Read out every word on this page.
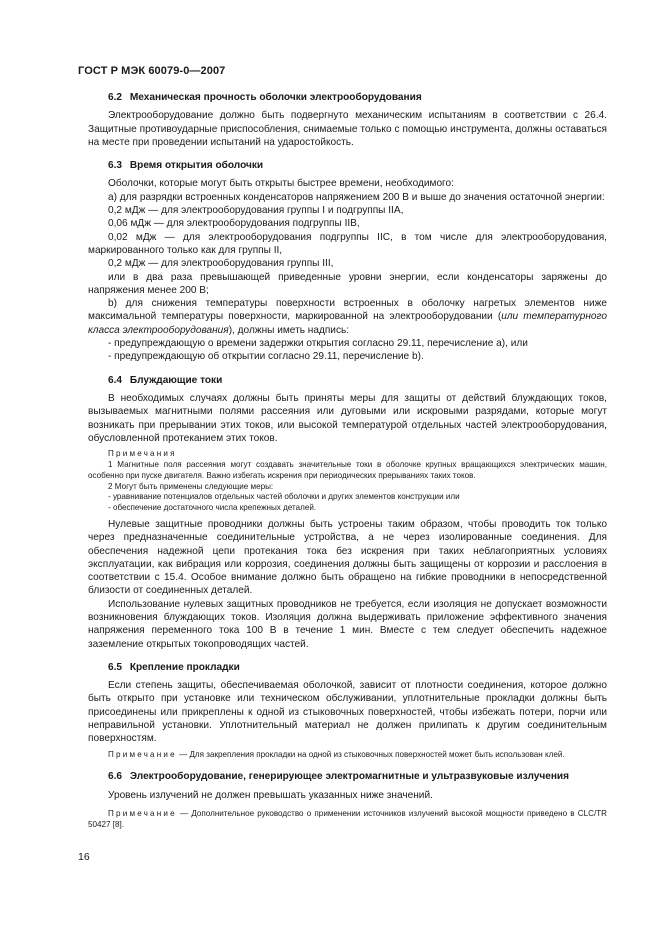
ГОСТ Р МЭК 60079-0—2007
6.2 Механическая прочность оболочки электрооборудования

Электрооборудование должно быть подвергнуто механическим испытаниям в соответствии с 26.4. Защитные противоударные приспособления, снимаемые только с помощью инструмента, должны оставаться на месте при проведении испытаний на ударостойкость.

6.3 Время открытия оболочки

Оболочки, которые могут быть открыты быстрее времени, необходимого:

а) для разрядки встроенных конденсаторов напряжением 200 В и выше до значения остаточной энергии:

0,2 мДж — для электрооборудования группы I и подгруппы IIA,

0,06 мДж — для электрооборудования подгруппы IIB,

0,02 мДж — для электрооборудования подгруппы IIC, в том числе для электрооборудования, маркированного только как для группы II,

0,2 мДж — для электрооборудования группы III,

или в два раза превышающей приведенные уровни энергии, если конденсаторы заряжены до напряжения менее 200 В;

b) для снижения температуры поверхности встроенных в оболочку нагретых элементов ниже максимальной температуры поверхности, маркированной на электрооборудовании (или температурного класса электрооборудования), должны иметь надпись:

- предупреждающую о времени задержки открытия согласно 29.11, перечисление а), или

- предупреждающую об открытии согласно 29.11, перечисление b).

6.4 Блуждающие токи

В необходимых случаях должны быть приняты меры для защиты от действий блуждающих токов, вызываемых магнитными полями рассеяния или дуговыми или искровыми разрядами, которые могут возникать при прерывании этих токов, или высокой температурой отдельных частей электрооборудования, обусловленной протеканием этих токов.

Примечания

1 Магнитные поля рассеяния могут создавать значительные токи в оболочке крупных вращающихся электрических машин, особенно при пуске двигателя. Важно избегать искрения при периодических прерываниях таких токов.

2 Могут быть применены следующие меры:

- уравнивание потенциалов отдельных частей оболочки и других элементов конструкции или

- обеспечение достаточного числа крепежных деталей.

Нулевые защитные проводники должны быть устроены таким образом, чтобы проводить ток только через предназначенные соединительные устройства, а не через изолированные соединения. Для обеспечения надежной цепи протекания тока без искрения при таких неблагоприятных условиях эксплуатации, как вибрация или коррозия, соединения должны быть защищены от коррозии и расслоения в соответствии с 15.4. Особое внимание должно быть обращено на гибкие проводники в непосредственной близости от соединенных деталей.

Использование нулевых защитных проводников не требуется, если изоляция не допускает возможности возникновения блуждающих токов. Изоляция должна выдерживать приложение эффективного значения напряжения переменного тока 100 В в течение 1 мин. Вместе с тем следует обеспечить надежное заземление открытых токопроводящих частей.

6.5 Крепление прокладки

Если степень защиты, обеспечиваемая оболочкой, зависит от плотности соединения, которое должно быть открыто при установке или техническом обслуживании, уплотнительные прокладки должны быть присоединены или прикреплены к одной из стыковочных поверхностей, чтобы избежать потери, порчи или неправильной установки. Уплотнительный материал не должен прилипать к другим соединительным поверхностям.

Примечание — Для закрепления прокладки на одной из стыковочных поверхностей может быть использован клей.

6.6 Электрооборудование, генерирующее электромагнитные и ультразвуковые излучения

Уровень излучений не должен превышать указанных ниже значений.

Примечание — Дополнительное руководство о применении источников излучений высокой мощности приведено в CLC/TR 50427 [8].

16
